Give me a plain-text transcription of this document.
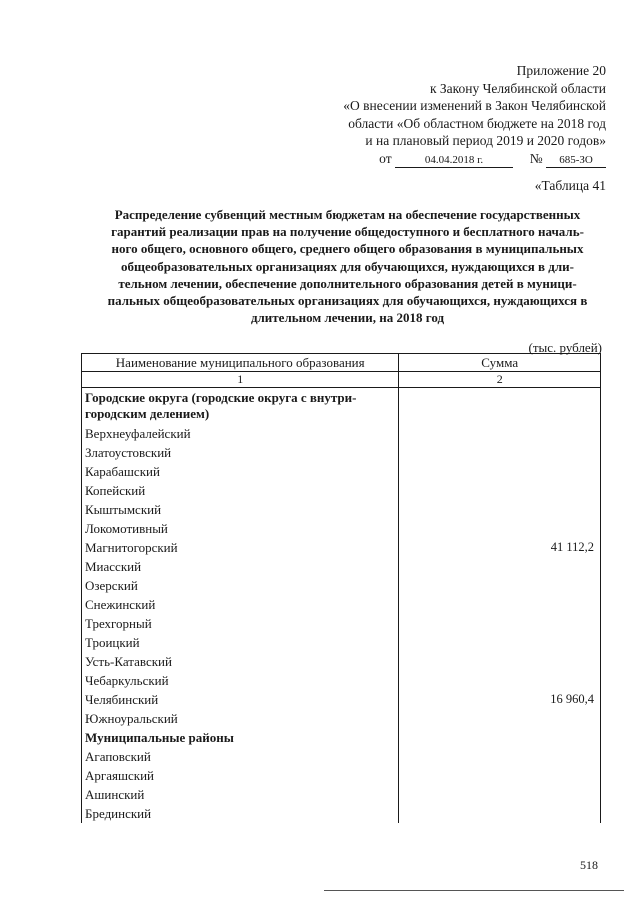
Приложение 20
к Закону Челябинской области
«О внесении изменений в Закон Челябинской
области «Об областном бюджете на 2018 год
и на плановый период 2019 и 2020 годов»
от	04.04.2018 г.	№ 685-ЗО
«Таблица 41
Распределение субвенций местным бюджетам на обеспечение государственных
гарантий реализации прав на получение общедоступного и бесплатного началь-
ного общего, основного общего, среднего общего образования в муниципальных
общеобразовательных организациях для обучающихся, нуждающихся в дли-
тельном лечении, обеспечение дополнительного образования детей в муници-
пальных общеобразовательных организациях для обучающихся, нуждающихся в
длительном лечении, на 2018 год
(тыс. рублей)
Наименование муниципального образования	Сумма
1	2

Городские округа (городские округа с внутри-
городским делением)	

Верхнеуфалейский	
Златоустовский	
Карабашский	
Копейский	
Кыштымский	
Локомотивный	
Магнитогорский	41 112,2
Миасский	
Озерский	
Снежинский	
Трехгорный	
Троицкий	
Усть-Катавский	
Чебаркульский	
Челябинский	16 960,4
Южноуральский	
Муниципальные районы	
Агаповский	
Аргаяшский	
Ашинский	
Брединский	
518
